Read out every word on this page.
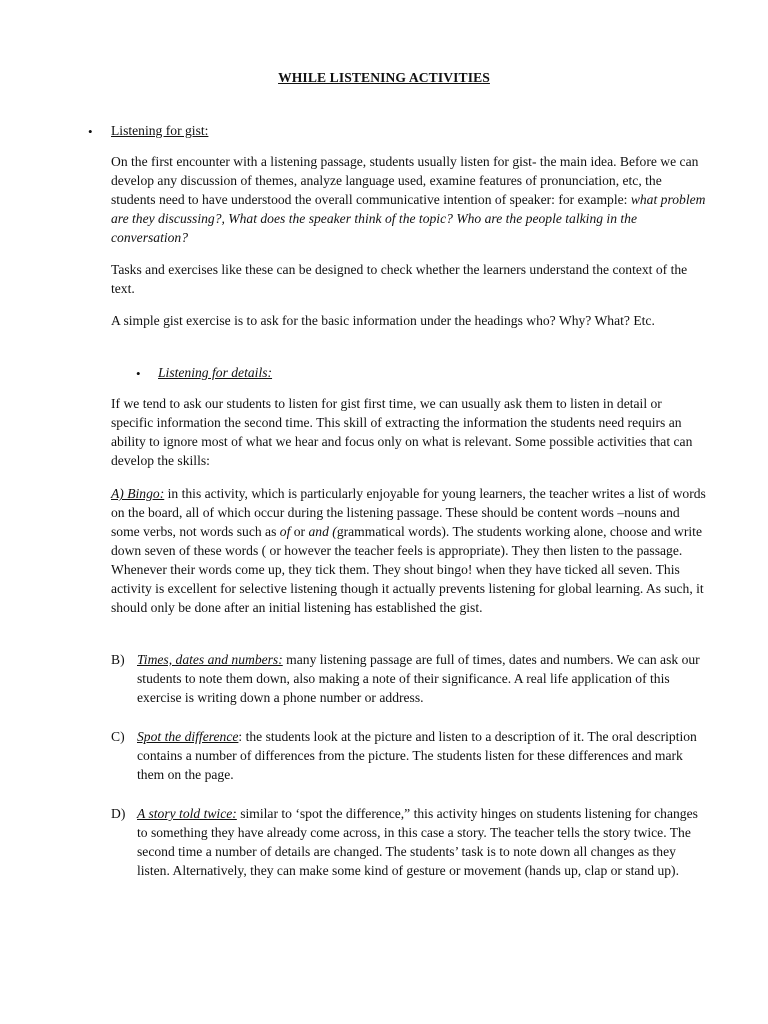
WHILE LISTENING ACTIVITIES
• Listening for gist:

On the first encounter with a listening passage, students usually listen for gist- the main idea. Before we can develop any discussion of themes, analyze language used, examine features of pronunciation, etc, the students need to have understood the overall communicative intention of speaker: for example: what problem are they discussing?, What does the speaker think of the topic? Who are the people talking in the conversation?

Tasks and exercises like these can be designed to check whether the learners understand the context of the text.

A simple gist exercise is to ask for the basic information under the headings who? Why? What? Etc.

• Listening for details:

If we tend to ask our students to listen for gist first time, we can usually ask them to listen in detail or specific information the second time. This skill of extracting the information the students need requirs an ability to ignore most of what we hear and focus only on what is relevant. Some possible activities that can develop the skills:

A) Bingo: in this activity, which is particularly enjoyable for young learners, the teacher writes a list of words on the board, all of which occur during the listening passage. These should be content words –nouns and some verbs, not words such as of or and (grammatical words). The students working alone, choose and write down seven of these words ( or however the teacher feels is appropriate). They then listen to the passage. Whenever their words come up, they tick them. They shout bingo! when they have ticked all seven. This activity is excellent for selective listening though it actually prevents listening for global learning. As such, it should only be done after an initial listening has established the gist.

B) Times, dates and numbers: many listening passage are full of times, dates and numbers. We can ask our students to note them down, also making a note of their significance. A real life application of this exercise is writing down a phone number or address.
C) Spot the difference: the students look at the picture and listen to a description of it. The oral description contains a number of differences from the picture. The students listen for these differences and mark them on the page.
D) A story told twice: similar to ‘spot the difference,” this activity hinges on students listening for changes to something they have already come across, in this case a story. The teacher tells the story twice. The second time a number of details are changed. The students’ task is to note down all changes as they listen. Alternatively, they can make some kind of gesture or movement (hands up, clap or stand up).
